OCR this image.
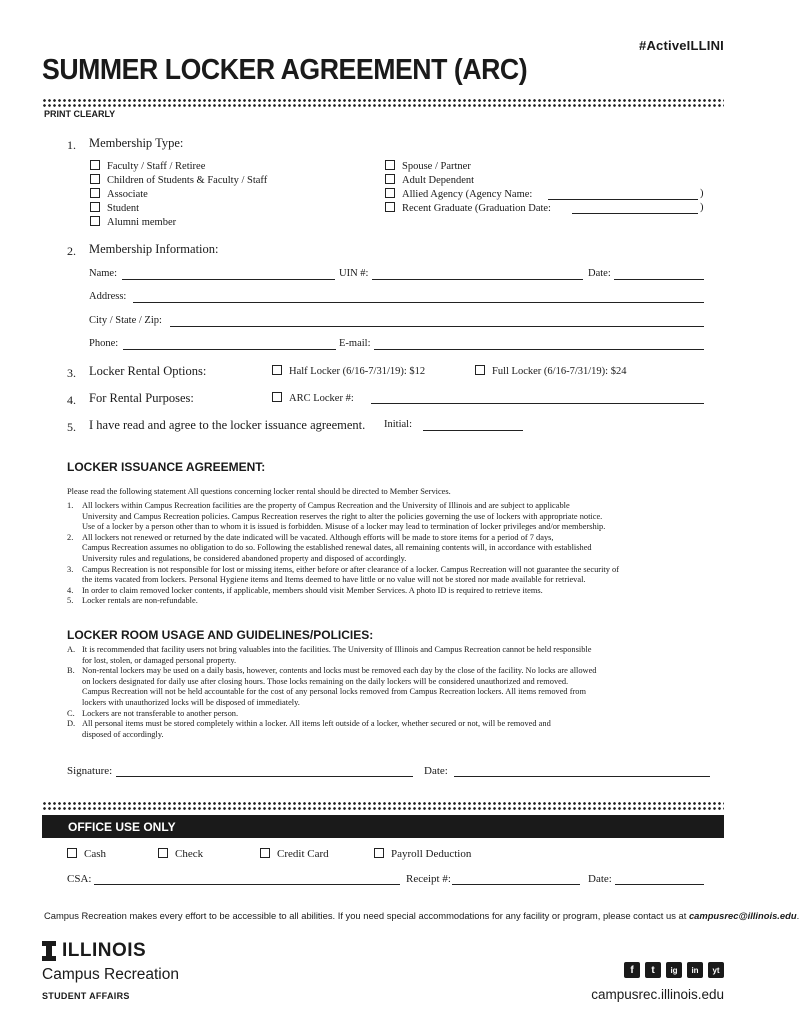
#ActiveILLINI
SUMMER LOCKER AGREEMENT (ARC)
PRINT CLEARLY
1. Membership Type:
Faculty / Staff / Retiree
Children of Students & Faculty / Staff
Associate
Student
Alumni member
Spouse / Partner
Adult Dependent
Allied Agency (Agency Name:	)
Recent Graduate (Graduation Date:	)
2. Membership Information:
Name:	UIN #:	Date:
Address:
City / State / Zip:
Phone:	E-mail:
3. Locker Rental Options:	Half Locker (6/16-7/31/19): $12	Full Locker (6/16-7/31/19): $24
4. For Rental Purposes:	ARC Locker #:
5. I have read and agree to the locker issuance agreement. Initial:
LOCKER ISSUANCE AGREEMENT:
Please read the following statement All questions concerning locker rental should be directed to Member Services.
1. All lockers within Campus Recreation facilities are the property of Campus Recreation and the University of Illinois and are subject to applicable
University and Campus Recreation policies. Campus Recreation reserves the right to alter the policies governing the use of lockers with appropriate notice.
Use of a locker by a person other than to whom it is issued is forbidden. Misuse of a locker may lead to termination of locker privileges and/or membership.
2. All lockers not renewed or returned by the date indicated will be vacated. Although efforts will be made to store items for a period of 7 days,
Campus Recreation assumes no obligation to do so. Following the established renewal dates, all remaining contents will, in accordance with established
University rules and regulations, be considered abandoned property and disposed of accordingly.
3. Campus Recreation is not responsible for lost or missing items, either before or after clearance of a locker. Campus Recreation will not guarantee the security of
the items vacated from lockers. Personal Hygiene items and Items deemed to have little or no value will not be stored nor made available for retrieval.
4. In order to claim removed locker contents, if applicable, members should visit Member Services. A photo ID is required to retrieve items.
5. Locker rentals are non-refundable.
LOCKER ROOM USAGE AND GUIDELINES/POLICIES:
A. It is recommended that facility users not bring valuables into the facilities. The University of Illinois and Campus Recreation cannot be held responsible
for lost, stolen, or damaged personal property.
B. Non-rental lockers may be used on a daily basis, however, contents and locks must be removed each day by the close of the facility. No locks are allowed
on lockers designated for daily use after closing hours. Those locks remaining on the daily lockers will be considered unauthorized and removed.
Campus Recreation will not be held accountable for the cost of any personal locks removed from Campus Recreation lockers. All items removed from
lockers with unauthorized locks will be disposed of immediately.
C. Lockers are not transferable to another person.
D. All personal items must be stored completely within a locker. All items left outside of a locker, whether secured or not, will be removed and
disposed of accordingly.
Signature:	Date:
OFFICE USE ONLY
Cash	Check	Credit Card	Payroll Deduction
CSA:	Receipt #:	Date:
Campus Recreation makes every effort to be accessible to all abilities. If you need special accommodations for any facility or program, please contact us at campusrec@illinois.edu.
ILLINOIS
Campus Recreation
STUDENT AFFAIRS
f	t	ig	in	yt
campusrec.illinois.edu
